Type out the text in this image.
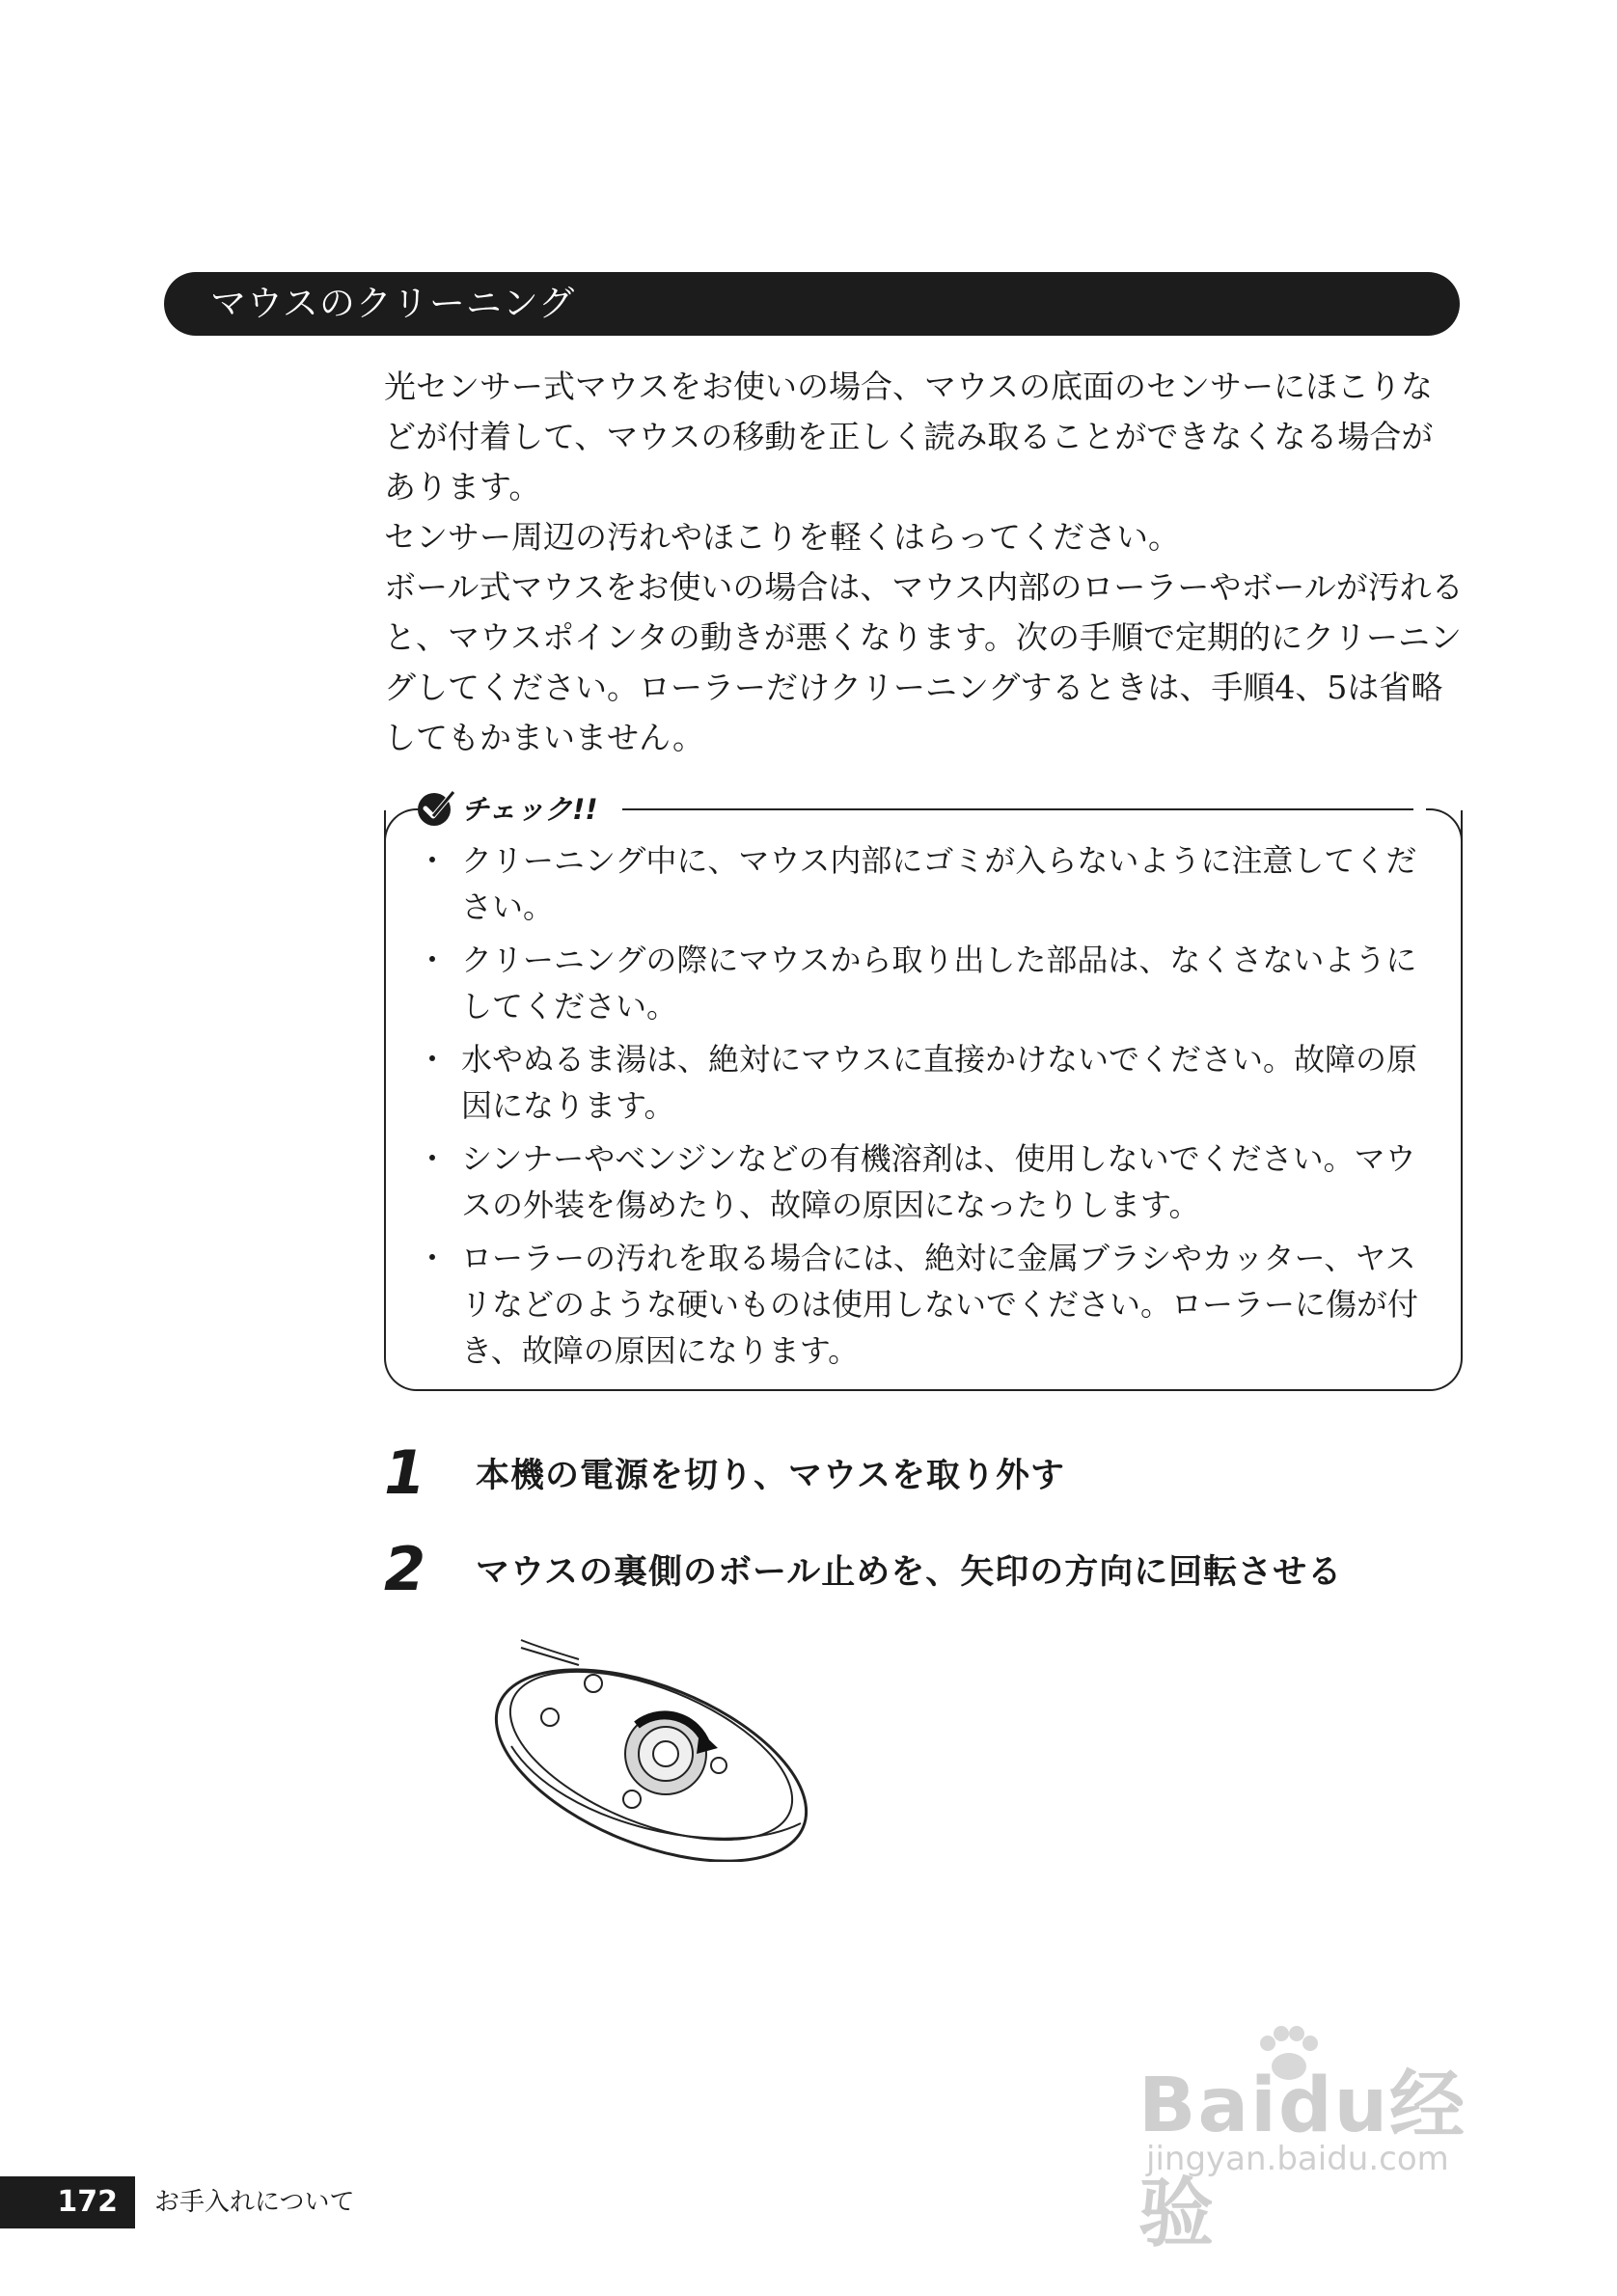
マウスのクリーニング

光センサー式マウスをお使いの場合、マウスの底面のセンサーにほこりなどが付着して、マウスの移動を正しく読み取ることができなくなる場合があります。

センサー周辺の汚れやほこりを軽くはらってください。

ボール式マウスをお使いの場合は、マウス内部のローラーやボールが汚れると、マウスポインタの動きが悪くなります。次の手順で定期的にクリーニングしてください。ローラーだけクリーニングするときは、手順4、5は省略してもかまいません。

チェック!!
・ クリーニング中に、マウス内部にゴミが入らないように注意してください。
・ クリーニングの際にマウスから取り出した部品は、なくさないようにしてください。
・ 水やぬるま湯は、絶対にマウスに直接かけないでください。故障の原因になります。
・ シンナーやベンジンなどの有機溶剤は、使用しないでください。マウスの外装を傷めたり、故障の原因になったりします。
・ ローラーの汚れを取る場合には、絶対に金属ブラシやカッター、ヤスリなどのような硬いものは使用しないでください。ローラーに傷が付き、故障の原因になります。
1	本機の電源を切り、マウスを取り外す
2	マウスの裏側のボール止めを、矢印の方向に回転させる
172	お手入れについて
Baidu经验
jingyan.baidu.com
